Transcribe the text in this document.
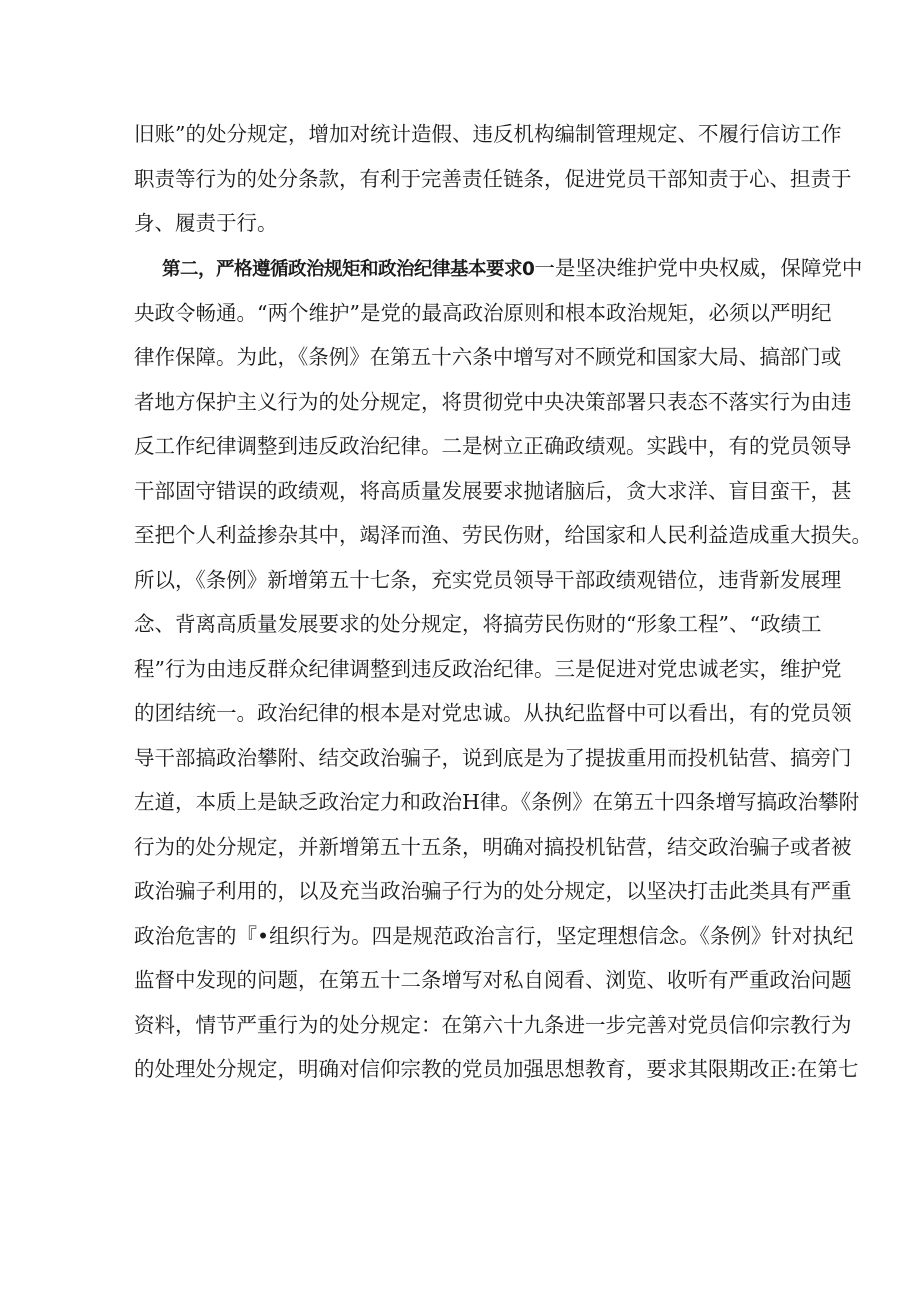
旧账”的处分规定，增加对统计造假、违反机构编制管理规定、不履行信访工作
职责等行为的处分条款，有利于完善责任链条，促进党员干部知责于心、担责于
身、履责于行。
第二，严格遵循政治规矩和政治纪律基本要求0一是坚决维护党中央权威，保障党中
央政令畅通。“两个维护”是党的最高政治原则和根本政治规矩，必须以严明纪
律作保障。为此，《条例》在第五十六条中增写对不顾党和国家大局、搞部门或
者地方保护主义行为的处分规定，将贯彻党中央决策部署只表态不落实行为由违
反工作纪律调整到违反政治纪律。二是树立正确政绩观。实践中，有的党员领导
干部固守错误的政绩观，将高质量发展要求抛诸脑后，贪大求洋、盲目蛮干，甚
至把个人利益掺杂其中，竭泽而渔、劳民伤财，给国家和人民利益造成重大损失。
所以，《条例》新增第五十七条，充实党员领导干部政绩观错位，违背新发展理
念、背离高质量发展要求的处分规定，将搞劳民伤财的“形象工程”、“政绩工
程”行为由违反群众纪律调整到违反政治纪律。三是促进对党忠诚老实，维护党
的团结统一。政治纪律的根本是对党忠诚。从执纪监督中可以看出，有的党员领
导干部搞政治攀附、结交政治骗子，说到底是为了提拔重用而投机钻营、搞旁门
左道，本质上是缺乏政治定力和政治H律。《条例》在第五十四条增写搞政治攀附
行为的处分规定，并新增第五十五条，明确对搞投机钻营，结交政治骗子或者被
政治骗子利用的，以及充当政治骗子行为的处分规定，以坚决打击此类具有严重
政治危害的『•组织行为。四是规范政治言行，坚定理想信念。《条例》针对执纪
监督中发现的问题，在第五十二条增写对私自阅看、浏览、收听有严重政治问题
资料，情节严重行为的处分规定：在第六十九条进一步完善对党员信仰宗教行为
的处理处分规定，明确对信仰宗教的党员加强思想教育，要求其限期改正:在第七
